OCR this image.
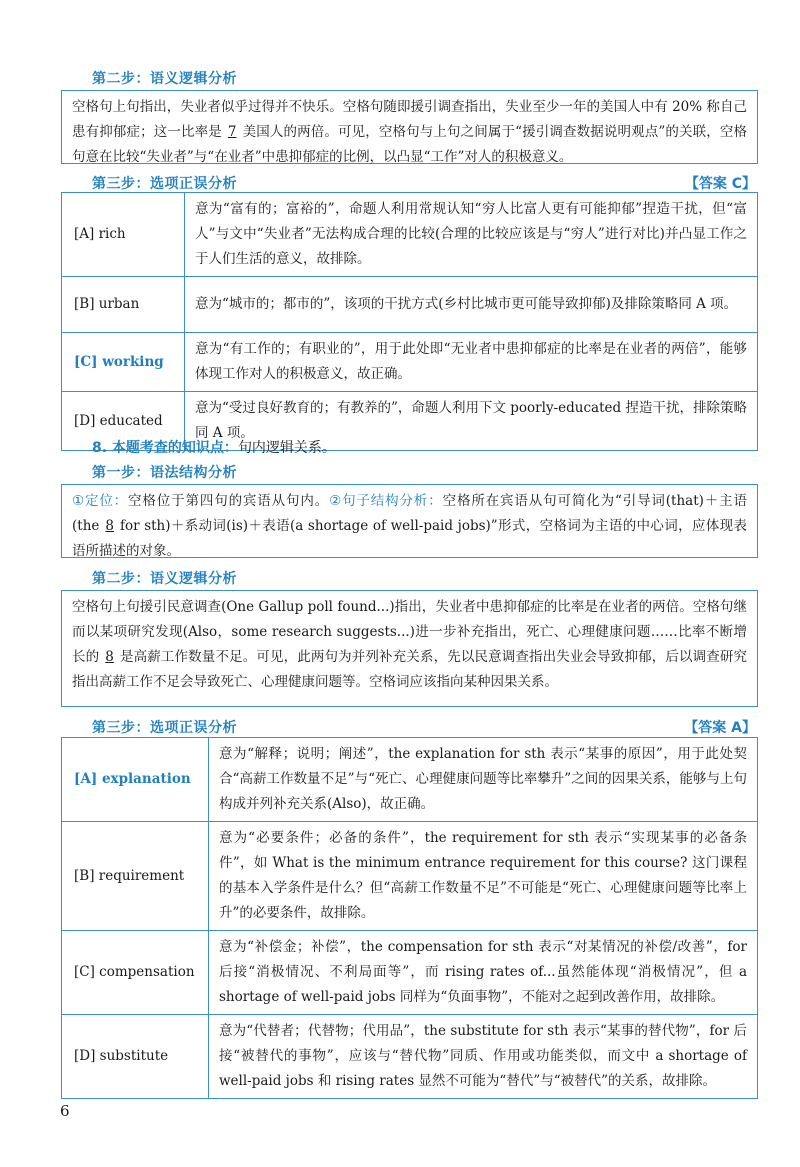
第二步：语义逻辑分析

空格句上句指出，失业者似乎过得并不快乐。空格句随即援引调查指出，失业至少一年的美国人中有 20% 称自己患有抑郁症；这一比率是 7 美国人的两倍。可见，空格句与上句之间属于“援引调查数据说明观点”的关联，空格句意在比较“失业者”与“在业者”中患抑郁症的比例，以凸显“工作”对人的积极意义。

第三步：选项正误分析	【答案 C】
[A] rich	意为“富有的；富裕的”，命题人利用常规认知“穷人比富人更有可能抑郁”捏造干扰，但“富人”与文中“失业者”无法构成合理的比较(合理的比较应该是与“穷人”进行对比)并凸显工作之于人们生活的意义，故排除。
[B] urban	意为“城市的；都市的”，该项的干扰方式(乡村比城市更可能导致抑郁)及排除策略同 A 项。
[C] working	意为“有工作的；有职业的”，用于此处即“无业者中患抑郁症的比率是在业者的两倍”，能够体现工作对人的积极意义，故正确。
[D] educated	意为“受过良好教育的；有教养的”，命题人利用下文 poorly-educated 捏造干扰，排除策略同 A 项。

8. 本题考查的知识点：句内逻辑关系。

第一步：语法结构分析

①定位：空格位于第四句的宾语从句内。②句子结构分析：空格所在宾语从句可简化为“引导词(that)＋主语(the 8 for sth)＋系动词(is)＋表语(a shortage of well-paid jobs)”形式，空格词为主语的中心词，应体现表语所描述的对象。

第二步：语义逻辑分析

空格句上句援引民意调查(One Gallup poll found...)指出，失业者中患抑郁症的比率是在业者的两倍。空格句继而以某项研究发现(Also，some research suggests...)进一步补充指出，死亡、心理健康问题……比率不断增长的 8 是高薪工作数量不足。可见，此两句为并列补充关系，先以民意调查指出失业会导致抑郁，后以调查研究指出高薪工作不足会导致死亡、心理健康问题等。空格词应该指向某种因果关系。

第三步：选项正误分析	【答案 A】
[A] explanation	意为“解释；说明；阐述”，the explanation for sth 表示“某事的原因”，用于此处契合“高薪工作数量不足”与“死亡、心理健康问题等比率攀升”之间的因果关系，能够与上句构成并列补充关系(Also)，故正确。
[B] requirement	意为“必要条件；必备的条件”，the requirement for sth 表示“实现某事的必备条件”，如 What is the minimum entrance requirement for this course? 这门课程的基本入学条件是什么？但“高薪工作数量不足”不可能是“死亡、心理健康问题等比率上升”的必要条件，故排除。
[C] compensation	意为“补偿金；补偿”，the compensation for sth 表示“对某情况的补偿/改善”，for 后接“消极情况、不利局面等”，而 rising rates of...虽然能体现“消极情况”，但 a shortage of well-paid jobs 同样为“负面事物”，不能对之起到改善作用，故排除。
[D] substitute	意为“代替者；代替物；代用品”，the substitute for sth 表示“某事的替代物”，for 后接“被替代的事物”，应该与“替代物”同质、作用或功能类似，而文中 a shortage of well-paid jobs 和 rising rates 显然不可能为“替代”与“被替代”的关系，故排除。
6
